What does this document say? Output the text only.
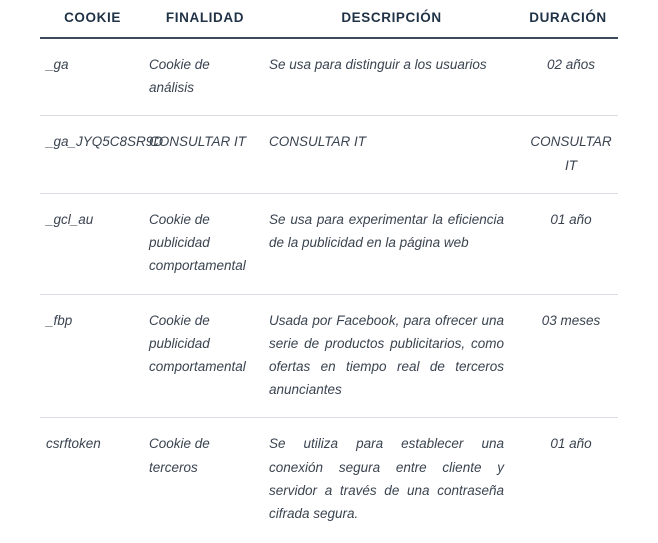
COOKIE	FINALIDAD	DESCRIPCIÓN	DURACIÓN
_ga	Cookie de análisis	Se usa para distinguir a los usuarios	02 años
_ga_JYQ5C8SR9D	CONSULTAR IT	CONSULTAR IT	CONSULTAR IT
_gcl_au	Cookie de publicidad comportamental	Se usa para experimentar la eficiencia de la publicidad en la página web	01 año
_fbp	Cookie de publicidad comportamental	Usada por Facebook, para ofrecer una serie de productos publicitarios, como ofertas en tiempo real de terceros anunciantes	03 meses
csrftoken	Cookie de terceros	Se utiliza para establecer una conexión segura entre cliente y servidor a través de una contraseña cifrada segura.	01 año
